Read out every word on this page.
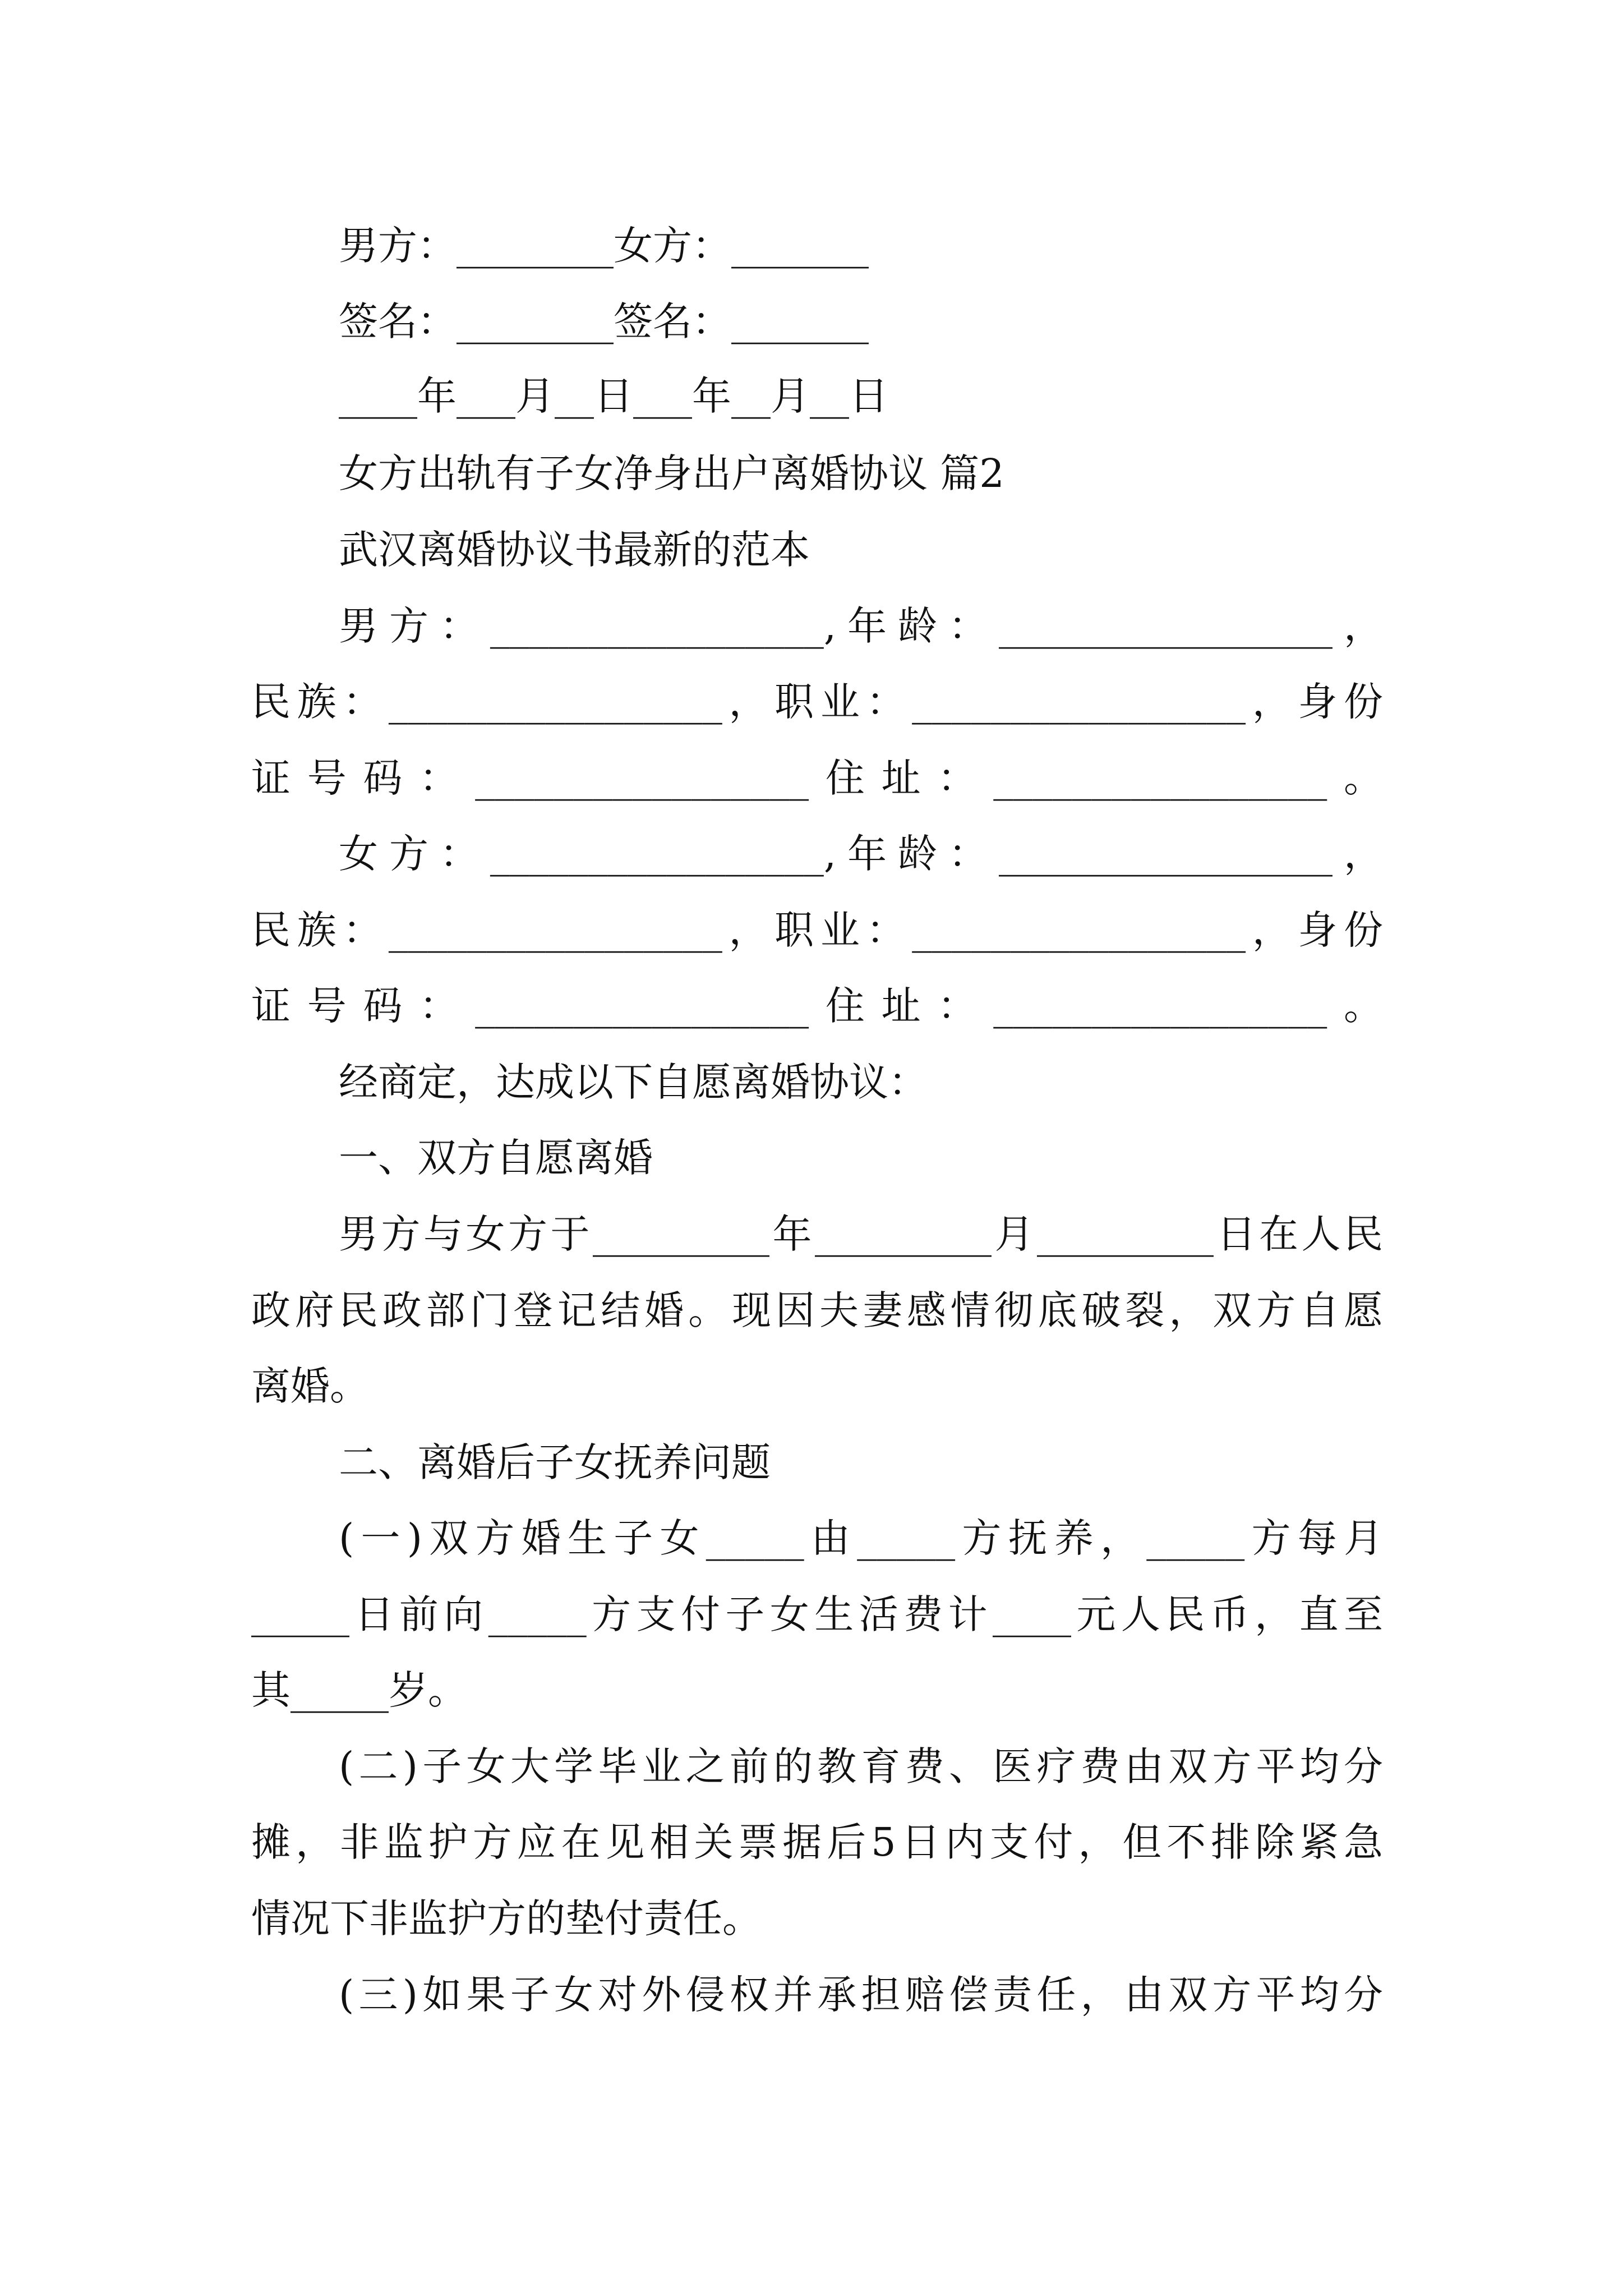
男方：________女方：_______
签名：________签名：_______
____年___月__日___年__月__日
女方出轨有子女净身出户离婚协议 篇2
武汉离婚协议书最新的范本
男方：_________________,年龄：_________________，
民族：_________________，职业：_________________，身份
证号码：_________________住址：_________________。
女方：_________________,年龄：_________________，
民族：_________________，职业：_________________，身份
证号码：_________________住址：_________________。
经商定，达成以下自愿离婚协议：
一、双方自愿离婚
男方与女方于_________年_________月_________日在人民
政府民政部门登记结婚。现因夫妻感情彻底破裂，双方自愿
离婚。
二、离婚后子女抚养问题
(一)双方婚生子女_____由_____方抚养，_____方每月
_____日前向_____方支付子女生活费计____元人民币，直至
其_____岁。
(二)子女大学毕业之前的教育费、医疗费由双方平均分
摊，非监护方应在见相关票据后5日内支付，但不排除紧急
情况下非监护方的垫付责任。
(三)如果子女对外侵权并承担赔偿责任，由双方平均分
